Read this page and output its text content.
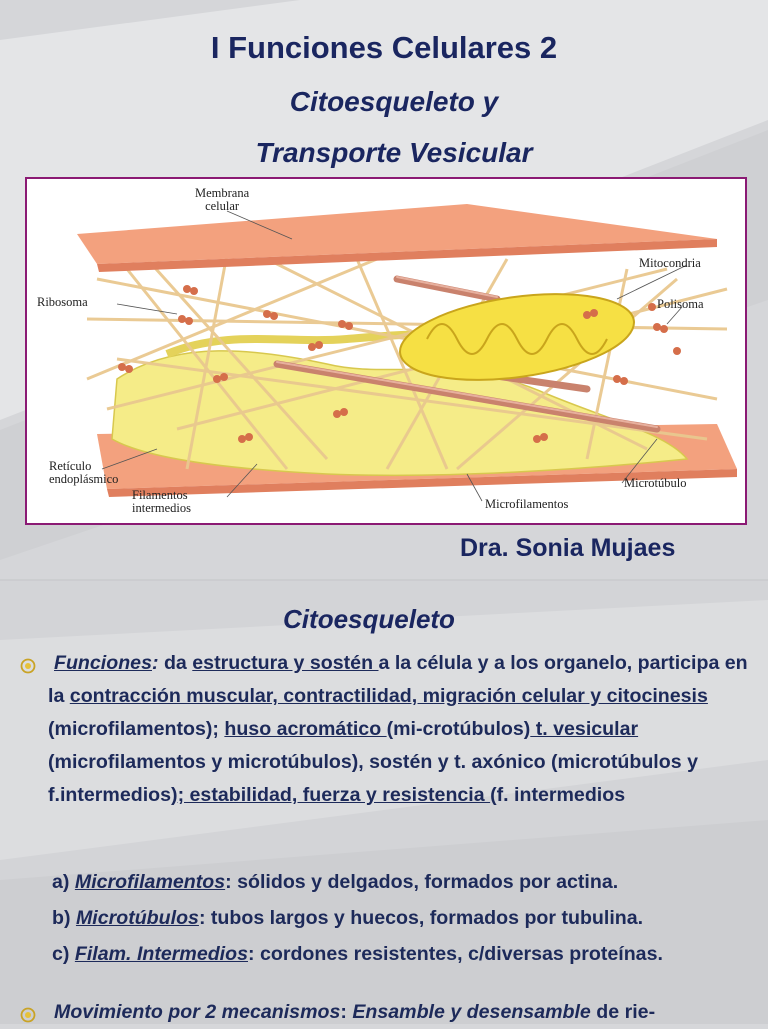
I Funciones Celulares 2
Citoesqueleto y
Transporte Vesicular
Membrana
celular
Mitocondria
Ribosoma	Polisoma
Retículo
endoplásmico
Filamentos
intermedios
Microtúbulo
Microfilamentos
Dra. Sonia Mujaes
Citoesqueleto
Funciones: da estructura y sostén a la célula y a los organelo, participa en la contracción muscular, contractilidad, migración celular y citocinesis (microfilamentos); huso acromático (mi-crotúbulos) t. vesicular (microfilamentos y microtúbulos), sostén y t. axónico (microtúbulos y f.intermedios); estabilidad, fuerza y resistencia (f. intermedios
a) Microfilamentos: sólidos y delgados, formados por actina.
b) Microtúbulos: tubos largos y huecos, formados por tubulina.
c) Filam. Intermedios: cordones resistentes, c/diversas proteínas.
Movimiento por 2 mecanismos: Ensamble y desensamble de rie-
